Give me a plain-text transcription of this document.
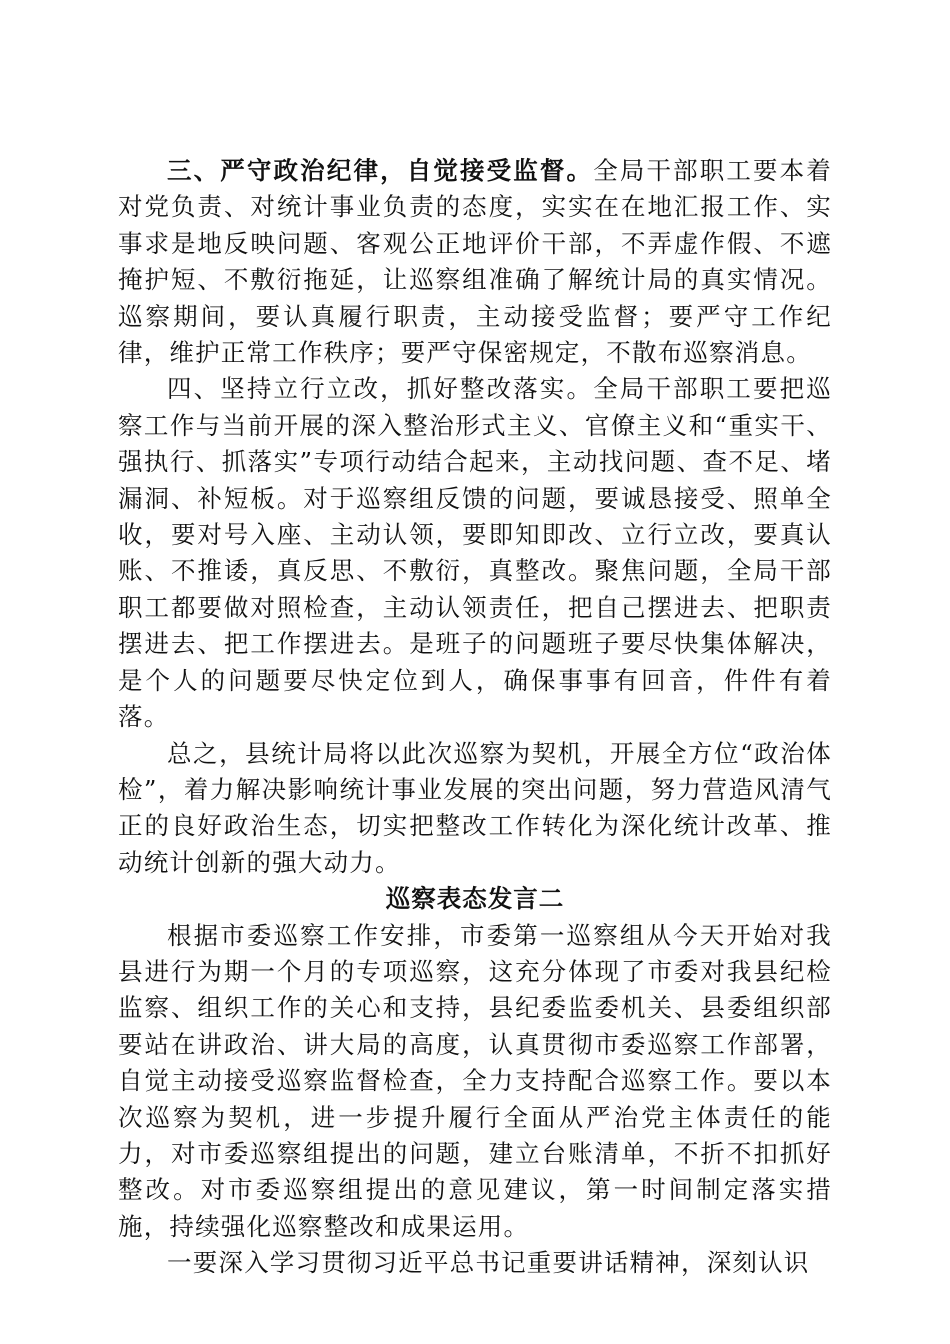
三、严守政治纪律，自觉接受监督。全局干部职工要本着对党负责、对统计事业负责的态度，实实在在地汇报工作、实事求是地反映问题、客观公正地评价干部，不弄虚作假、不遮掩护短、不敷衍拖延，让巡察组准确了解统计局的真实情况。巡察期间，要认真履行职责，主动接受监督；要严守工作纪律，维护正常工作秩序；要严守保密规定，不散布巡察消息。

四、坚持立行立改，抓好整改落实。全局干部职工要把巡察工作与当前开展的深入整治形式主义、官僚主义和“重实干、强执行、抓落实”专项行动结合起来，主动找问题、查不足、堵漏洞、补短板。对于巡察组反馈的问题，要诚恳接受、照单全收，要对号入座、主动认领，要即知即改、立行立改，要真认账、不推诿，真反思、不敷衍，真整改。聚焦问题，全局干部职工都要做对照检查，主动认领责任，把自己摆进去、把职责摆进去、把工作摆进去。是班子的问题班子要尽快集体解决，是个人的问题要尽快定位到人，确保事事有回音，件件有着落。

总之，县统计局将以此次巡察为契机，开展全方位“政治体检”，着力解决影响统计事业发展的突出问题，努力营造风清气正的良好政治生态，切实把整改工作转化为深化统计改革、推动统计创新的强大动力。

巡察表态发言二

根据市委巡察工作安排，市委第一巡察组从今天开始对我县进行为期一个月的专项巡察，这充分体现了市委对我县纪检监察、组织工作的关心和支持，县纪委监委机关、县委组织部要站在讲政治、讲大局的高度，认真贯彻市委巡察工作部署，自觉主动接受巡察监督检查，全力支持配合巡察工作。要以本次巡察为契机，进一步提升履行全面从严治党主体责任的能力，对市委巡察组提出的问题，建立台账清单，不折不扣抓好整改。对市委巡察组提出的意见建议，第一时间制定落实措施，持续强化巡察整改和成果运用。

一要深入学习贯彻习近平总书记重要讲话精神，深刻认识
